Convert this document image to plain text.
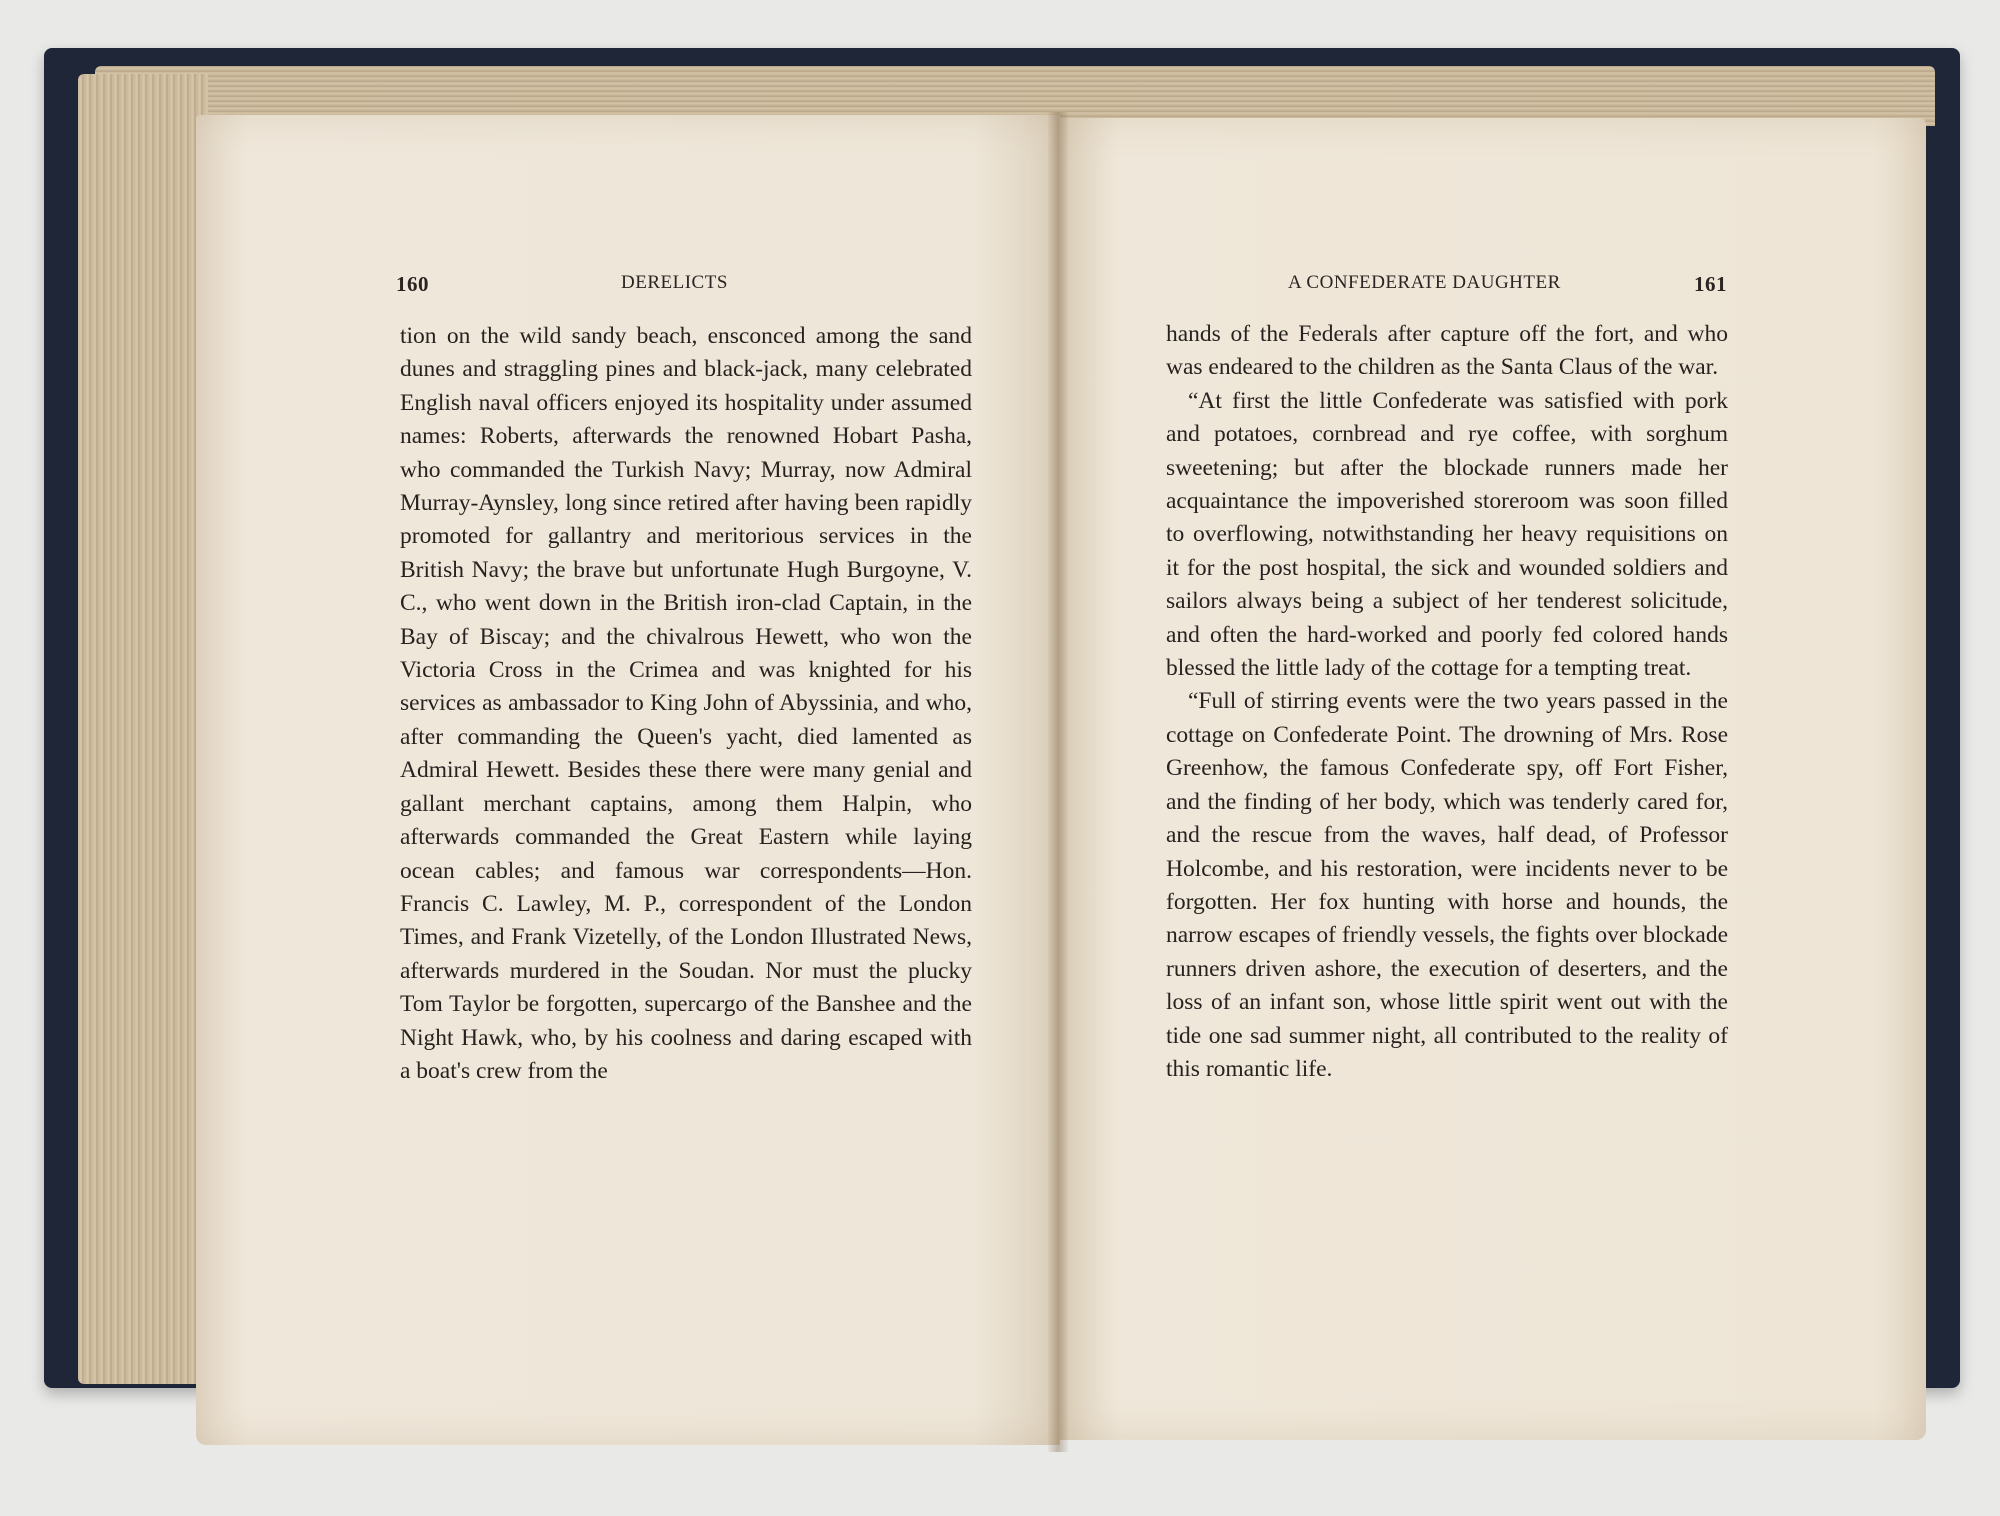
160	DERELICTS	A CONFEDERATE DAUGHTER	161

tion on the wild sandy beach, ensconced among the sand dunes and straggling pines and black-jack, many celebrated English naval officers enjoyed its hospitality under assumed names: Roberts, afterwards the renowned Hobart Pasha, who commanded the Turkish Navy; Murray, now Admiral Murray-Aynsley, long since retired after having been rapidly promoted for gallantry and meritorious services in the British Navy; the brave but unfortunate Hugh Burgoyne, V. C., who went down in the British iron-clad Captain, in the Bay of Biscay; and the chivalrous Hewett, who won the Victoria Cross in the Crimea and was knighted for his services as ambassador to King John of Abyssinia, and who, after commanding the Queen's yacht, died lamented as Admiral Hewett. Besides these there were many genial and gallant merchant captains, among them Halpin, who afterwards commanded the Great Eastern while laying ocean cables; and famous war correspondents—Hon. Francis C. Lawley, M. P., correspondent of the London Times, and Frank Vizetelly, of the London Illustrated News, afterwards murdered in the Soudan. Nor must the plucky Tom Taylor be forgotten, supercargo of the Banshee and the Night Hawk, who, by his coolness and daring escaped with a boat's crew from the

hands of the Federals after capture off the fort, and who was endeared to the children as the Santa Claus of the war.

“At first the little Confederate was satisfied with pork and potatoes, cornbread and rye coffee, with sorghum sweetening; but after the blockade runners made her acquaintance the impoverished storeroom was soon filled to overflowing, notwithstanding her heavy requisitions on it for the post hospital, the sick and wounded soldiers and sailors always being a subject of her tenderest solicitude, and often the hard-worked and poorly fed colored hands blessed the little lady of the cottage for a tempting treat.

“Full of stirring events were the two years passed in the cottage on Confederate Point. The drowning of Mrs. Rose Greenhow, the famous Confederate spy, off Fort Fisher, and the finding of her body, which was tenderly cared for, and the rescue from the waves, half dead, of Professor Holcombe, and his restoration, were incidents never to be forgotten. Her fox hunting with horse and hounds, the narrow escapes of friendly vessels, the fights over blockade runners driven ashore, the execution of deserters, and the loss of an infant son, whose little spirit went out with the tide one sad summer night, all contributed to the reality of this romantic life.
